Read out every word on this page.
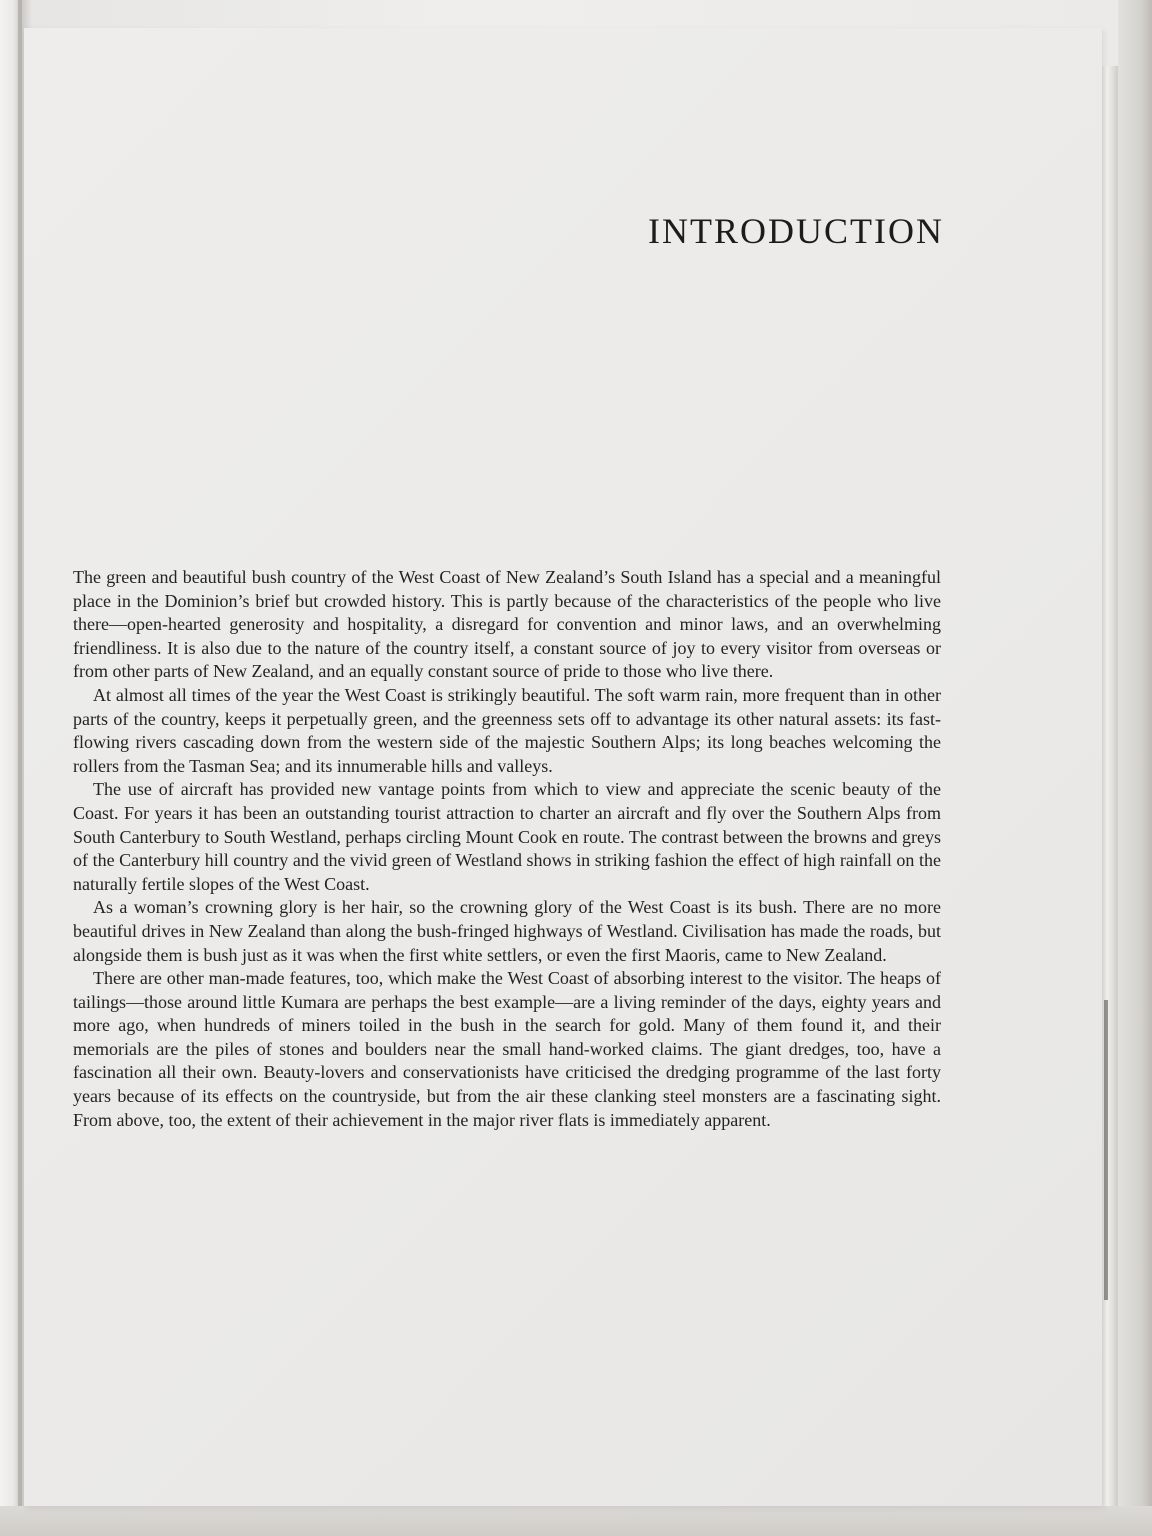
INTRODUCTION

The green and beautiful bush country of the West Coast of New Zealand’s South Island has a special and a meaningful place in the Dominion’s brief but crowded history. This is partly because of the characteristics of the people who live there—open-hearted generosity and hospitality, a disregard for convention and minor laws, and an overwhelming friendliness. It is also due to the nature of the country itself, a constant source of joy to every visitor from overseas or from other parts of New Zealand, and an equally constant source of pride to those who live there.

At almost all times of the year the West Coast is strikingly beautiful. The soft warm rain, more frequent than in other parts of the country, keeps it perpetually green, and the greenness sets off to advantage its other natural assets: its fast-flowing rivers cascading down from the western side of the majestic Southern Alps; its long beaches welcoming the rollers from the Tasman Sea; and its innumerable hills and valleys.

The use of aircraft has provided new vantage points from which to view and appreciate the scenic beauty of the Coast. For years it has been an outstanding tourist attraction to charter an aircraft and fly over the Southern Alps from South Canterbury to South Westland, perhaps circling Mount Cook en route. The contrast between the browns and greys of the Canterbury hill country and the vivid green of Westland shows in striking fashion the effect of high rainfall on the naturally fertile slopes of the West Coast.

As a woman’s crowning glory is her hair, so the crowning glory of the West Coast is its bush. There are no more beautiful drives in New Zealand than along the bush-fringed highways of Westland. Civilisation has made the roads, but alongside them is bush just as it was when the first white settlers, or even the first Maoris, came to New Zealand.

There are other man-made features, too, which make the West Coast of absorbing interest to the visitor. The heaps of tailings—those around little Kumara are perhaps the best example—are a living reminder of the days, eighty years and more ago, when hundreds of miners toiled in the bush in the search for gold. Many of them found it, and their memorials are the piles of stones and boulders near the small hand-worked claims. The giant dredges, too, have a fascination all their own. Beauty-lovers and conservationists have criticised the dredging programme of the last forty years because of its effects on the countryside, but from the air these clanking steel monsters are a fascinating sight. From above, too, the extent of their achievement in the major river flats is immediately apparent.
